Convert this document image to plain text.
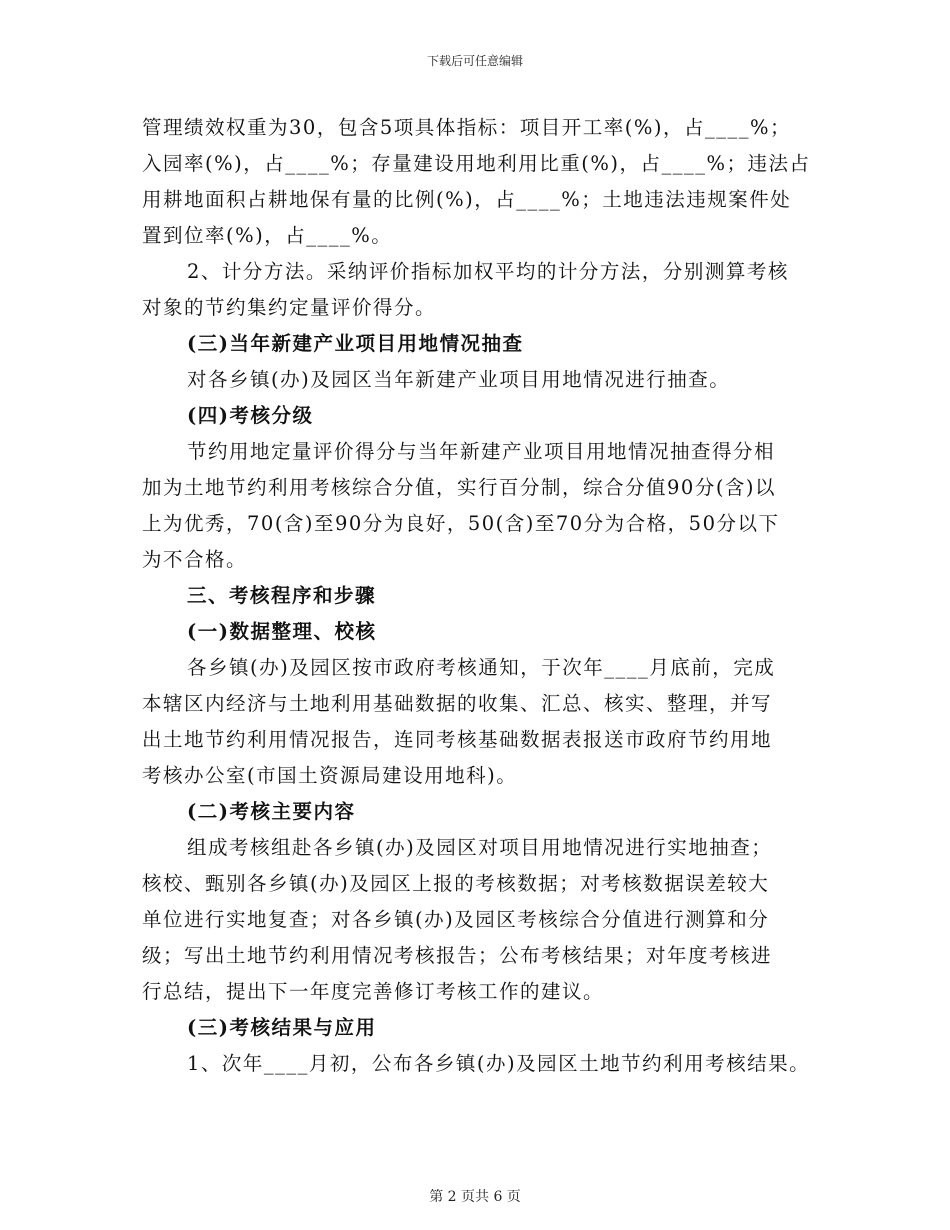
下载后可任意编辑
管理绩效权重为30，包含5项具体指标：项目开工率(%)，占____%；
入园率(%)，占____%；存量建设用地利用比重(%)，占____%；违法占
用耕地面积占耕地保有量的比例(%)，占____%；土地违法违规案件处
置到位率(%)，占____%。
2、计分方法。采纳评价指标加权平均的计分方法，分别测算考核
对象的节约集约定量评价得分。
(三)当年新建产业项目用地情况抽查
对各乡镇(办)及园区当年新建产业项目用地情况进行抽查。
(四)考核分级
节约用地定量评价得分与当年新建产业项目用地情况抽查得分相
加为土地节约利用考核综合分值，实行百分制，综合分值90分(含)以
上为优秀，70(含)至90分为良好，50(含)至70分为合格，50分以下
为不合格。
三、考核程序和步骤
(一)数据整理、校核
各乡镇(办)及园区按市政府考核通知，于次年____月底前，完成
本辖区内经济与土地利用基础数据的收集、汇总、核实、整理，并写
出土地节约利用情况报告，连同考核基础数据表报送市政府节约用地
考核办公室(市国土资源局建设用地科)。
(二)考核主要内容
组成考核组赴各乡镇(办)及园区对项目用地情况进行实地抽查；
核校、甄别各乡镇(办)及园区上报的考核数据；对考核数据误差较大
单位进行实地复查；对各乡镇(办)及园区考核综合分值进行测算和分
级；写出土地节约利用情况考核报告；公布考核结果；对年度考核进
行总结，提出下一年度完善修订考核工作的建议。
(三)考核结果与应用
1、次年____月初，公布各乡镇(办)及园区土地节约利用考核结果。
第 2 页共 6 页
